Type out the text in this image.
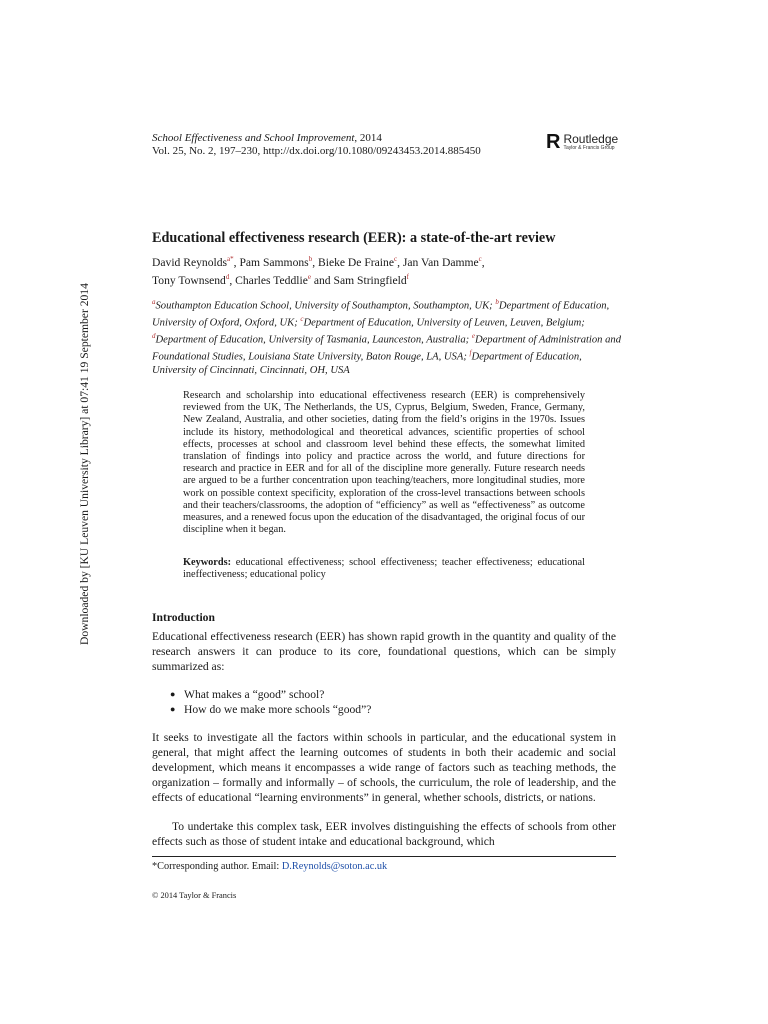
Downloaded by [KU Leuven University Library] at 07:41 19 September 2014
School Effectiveness and School Improvement, 2014
Vol. 25, No. 2, 197–230, http://dx.doi.org/10.1080/09243453.2014.885450	R Routledge
Taylor & Francis Group
Educational effectiveness research (EER): a state-of-the-art review
David Reynolds$^{a*}$, Pam Sammons$^b$, Bieke De Fraine$^c$, Jan Van Damme$^c$,
Tony Townsend$^d$, Charles Teddlie$^e$ and Sam Stringfield$^f$
$^a$Southampton Education School, University of Southampton, Southampton, UK; $^b$Department of Education, University of Oxford, Oxford, UK; $^c$Department of Education, University of Leuven, Leuven, Belgium; $^d$Department of Education, University of Tasmania, Launceston, Australia; $^e$Department of Administration and Foundational Studies, Louisiana State University, Baton Rouge, LA, USA; $^f$Department of Education, University of Cincinnati, Cincinnati, OH, USA
Research and scholarship into educational effectiveness research (EER) is comprehensively reviewed from the UK, The Netherlands, the US, Cyprus, Belgium, Sweden, France, Germany, New Zealand, Australia, and other societies, dating from the field’s origins in the 1970s. Issues include its history, methodological and theoretical advances, scientific properties of school effects, processes at school and classroom level behind these effects, the somewhat limited translation of findings into policy and practice across the world, and future directions for research and practice in EER and for all of the discipline more generally. Future research needs are argued to be a further concentration upon teaching/teachers, more longitudinal studies, more work on possible context specificity, exploration of the cross-level transactions between schools and their teachers/classrooms, the adoption of “efficiency” as well as “effectiveness” as outcome measures, and a renewed focus upon the education of the disadvantaged, the original focus of our discipline when it began.
Keywords: educational effectiveness; school effectiveness; teacher effectiveness; educational ineffectiveness; educational policy
Introduction
Educational effectiveness research (EER) has shown rapid growth in the quantity and quality of the research answers it can produce to its core, foundational questions, which can be simply summarized as:
● What makes a “good” school?
● How do we make more schools “good”?
It seeks to investigate all the factors within schools in particular, and the educational system in general, that might affect the learning outcomes of students in both their academic and social development, which means it encompasses a wide range of factors such as teaching methods, the organization – formally and informally – of schools, the curriculum, the role of leadership, and the effects of educational “learning environments” in general, whether schools, districts, or nations.
To undertake this complex task, EER involves distinguishing the effects of schools from other effects such as those of student intake and educational background, which
*Corresponding author. Email: D.Reynolds@soton.ac.uk
© 2014 Taylor & Francis
